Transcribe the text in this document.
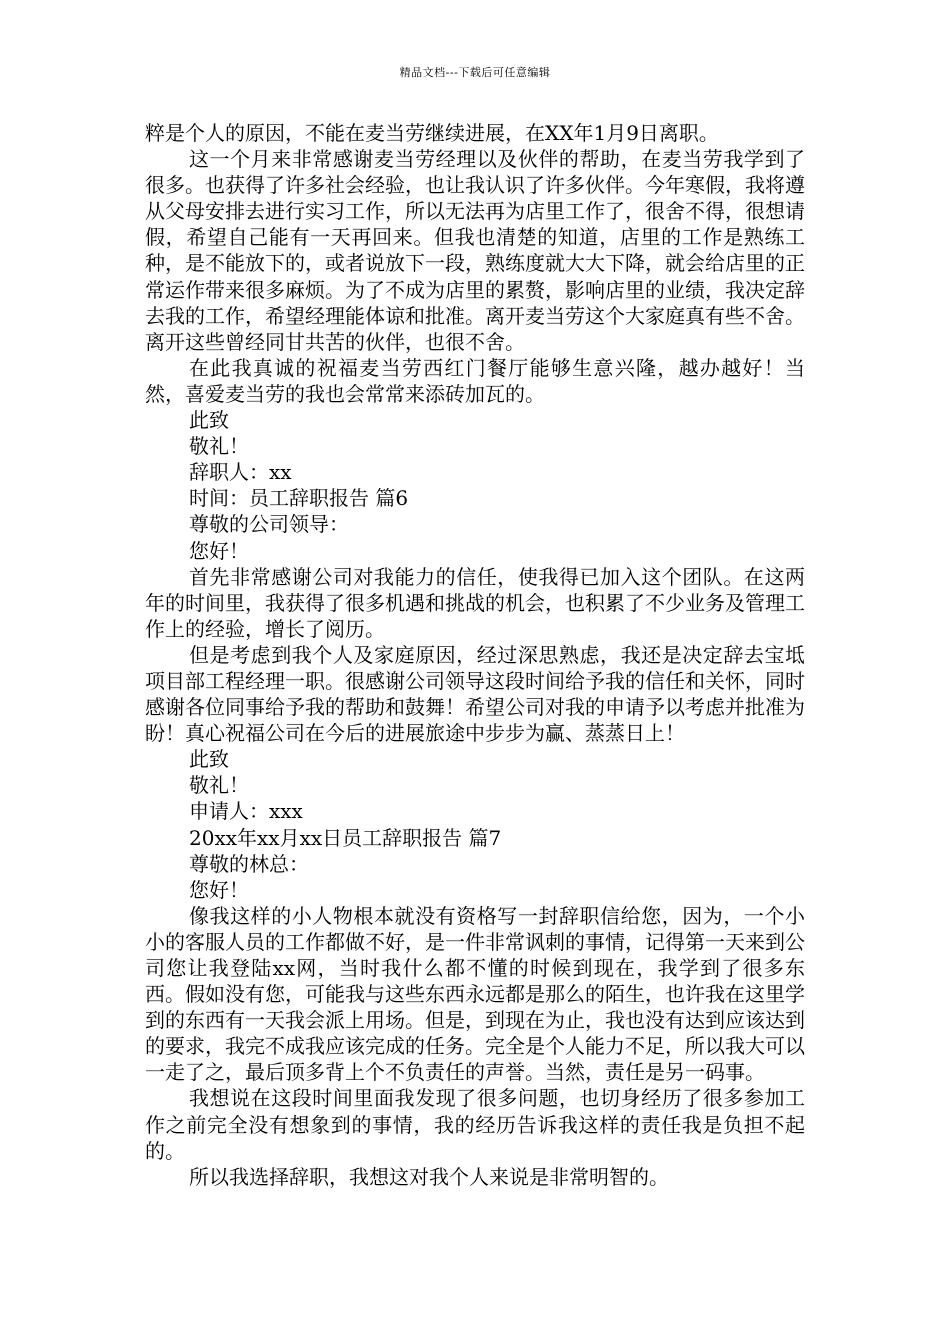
精品文档---下载后可任意编辑

粹是个人的原因，不能在麦当劳继续进展，在XX年1月9日离职。

这一个月来非常感谢麦当劳经理以及伙伴的帮助，在麦当劳我学到了很多。也获得了许多社会经验，也让我认识了许多伙伴。今年寒假，我将遵从父母安排去进行实习工作，所以无法再为店里工作了，很舍不得，很想请假，希望自己能有一天再回来。但我也清楚的知道，店里的工作是熟练工种，是不能放下的，或者说放下一段，熟练度就大大下降，就会给店里的正常运作带来很多麻烦。为了不成为店里的累赘，影响店里的业绩，我决定辞去我的工作，希望经理能体谅和批准。离开麦当劳这个大家庭真有些不舍。离开这些曾经同甘共苦的伙伴，也很不舍。

在此我真诚的祝福麦当劳西红门餐厅能够生意兴隆，越办越好！当然，喜爱麦当劳的我也会常常来添砖加瓦的。

此致

敬礼！

辞职人：xx

时间：员工辞职报告 篇6

尊敬的公司领导：

您好！

首先非常感谢公司对我能力的信任，使我得已加入这个团队。在这两年的时间里，我获得了很多机遇和挑战的机会，也积累了不少业务及管理工作上的经验，增长了阅历。

但是考虑到我个人及家庭原因，经过深思熟虑，我还是决定辞去宝坻项目部工程经理一职。很感谢公司领导这段时间给予我的信任和关怀，同时感谢各位同事给予我的帮助和鼓舞！希望公司对我的申请予以考虑并批准为盼！真心祝福公司在今后的进展旅途中步步为赢、蒸蒸日上！

此致

敬礼！

申请人：xxx

20xx年xx月xx日员工辞职报告 篇7

尊敬的林总：

您好！

像我这样的小人物根本就没有资格写一封辞职信给您，因为，一个小小的客服人员的工作都做不好，是一件非常讽刺的事情，记得第一天来到公司您让我登陆xx网，当时我什么都不懂的时候到现在，我学到了很多东西。假如没有您，可能我与这些东西永远都是那么的陌生，也许我在这里学到的东西有一天我会派上用场。但是，到现在为止，我也没有达到应该达到的要求，我完不成我应该完成的任务。完全是个人能力不足，所以我大可以一走了之，最后顶多背上个不负责任的声誉。当然，责任是另一码事。

我想说在这段时间里面我发现了很多问题，也切身经历了很多参加工作之前完全没有想象到的事情，我的经历告诉我这样的责任我是负担不起的。

所以我选择辞职，我想这对我个人来说是非常明智的。
